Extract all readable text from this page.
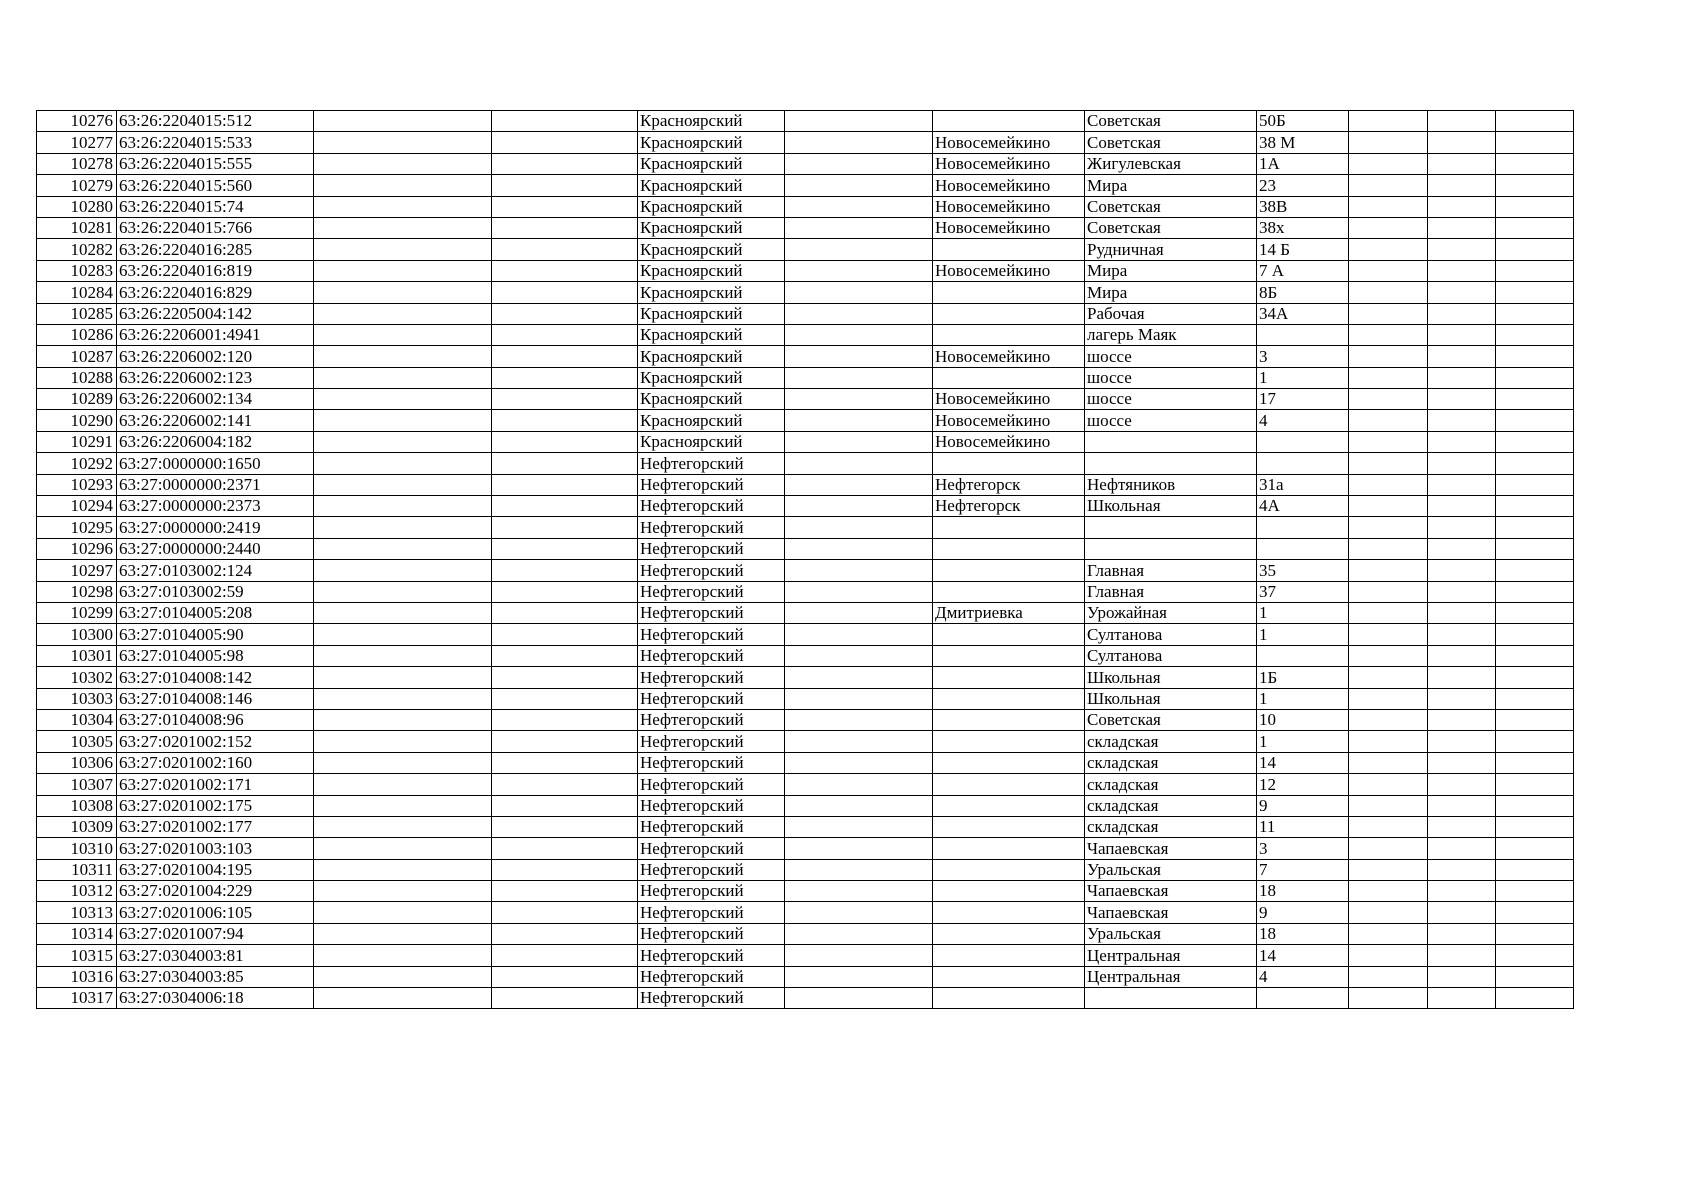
10276	63:26:2204015:512			Красноярский			Советская	50Б			
10277	63:26:2204015:533			Красноярский		Новосемейкино	Советская	38 М			
10278	63:26:2204015:555			Красноярский		Новосемейкино	Жигулевская	1А			
10279	63:26:2204015:560			Красноярский		Новосемейкино	Мира	23			
10280	63:26:2204015:74			Красноярский		Новосемейкино	Советская	38В			
10281	63:26:2204015:766			Красноярский		Новосемейкино	Советская	38х			
10282	63:26:2204016:285			Красноярский			Рудничная	14 Б			
10283	63:26:2204016:819			Красноярский		Новосемейкино	Мира	7 А			
10284	63:26:2204016:829			Красноярский			Мира	8Б			
10285	63:26:2205004:142			Красноярский			Рабочая	34А			
10286	63:26:2206001:4941			Красноярский			лагерь Маяк				
10287	63:26:2206002:120			Красноярский		Новосемейкино	шоссе	3			
10288	63:26:2206002:123			Красноярский			шоссе	1			
10289	63:26:2206002:134			Красноярский		Новосемейкино	шоссе	17			
10290	63:26:2206002:141			Красноярский		Новосемейкино	шоссе	4			
10291	63:26:2206004:182			Красноярский		Новосемейкино					
10292	63:27:0000000:1650			Нефтегорский							
10293	63:27:0000000:2371			Нефтегорский		Нефтегорск	Нефтяников	31а			
10294	63:27:0000000:2373			Нефтегорский		Нефтегорск	Школьная	4А			
10295	63:27:0000000:2419			Нефтегорский							
10296	63:27:0000000:2440			Нефтегорский							
10297	63:27:0103002:124			Нефтегорский			Главная	35			
10298	63:27:0103002:59			Нефтегорский			Главная	37			
10299	63:27:0104005:208			Нефтегорский		Дмитриевка	Урожайная	1			
10300	63:27:0104005:90			Нефтегорский			Султанова	1			
10301	63:27:0104005:98			Нефтегорский			Султанова				
10302	63:27:0104008:142			Нефтегорский			Школьная	1Б			
10303	63:27:0104008:146			Нефтегорский			Школьная	1			
10304	63:27:0104008:96			Нефтегорский			Советская	10			
10305	63:27:0201002:152			Нефтегорский			складская	1			
10306	63:27:0201002:160			Нефтегорский			складская	14			
10307	63:27:0201002:171			Нефтегорский			складская	12			
10308	63:27:0201002:175			Нефтегорский			складская	9			
10309	63:27:0201002:177			Нефтегорский			складская	11			
10310	63:27:0201003:103			Нефтегорский			Чапаевская	3			
10311	63:27:0201004:195			Нефтегорский			Уральская	7			
10312	63:27:0201004:229			Нефтегорский			Чапаевская	18			
10313	63:27:0201006:105			Нефтегорский			Чапаевская	9			
10314	63:27:0201007:94			Нефтегорский			Уральская	18			
10315	63:27:0304003:81			Нефтегорский			Центральная	14			
10316	63:27:0304003:85			Нефтегорский			Центральная	4			
10317	63:27:0304006:18			Нефтегорский							
